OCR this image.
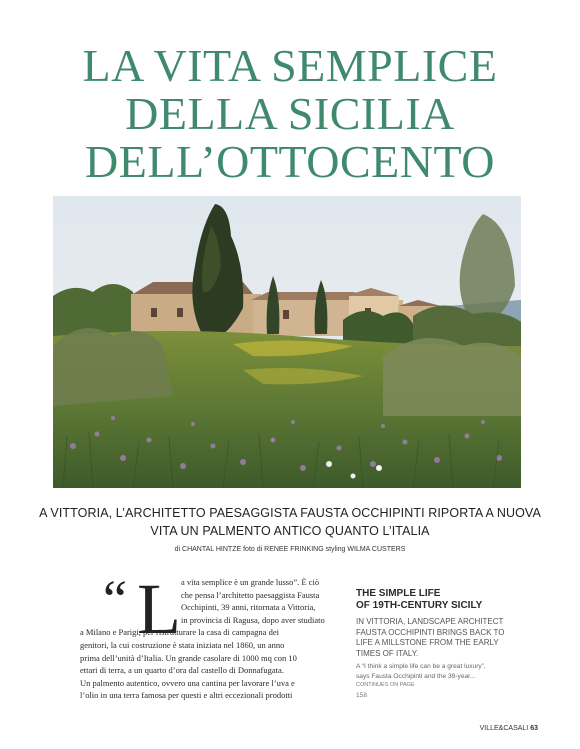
LA VITA SEMPLICE
DELLA SICILIA
DELL’OTTOCENTO
A VITTORIA, L’ARCHITETTO PAESAGGISTA FAUSTA OCCHIPINTI RIPORTA A NUOVA
VITA UN PALMENTO ANTICO QUANTO L’ITALIA
di CHANTAL HINTZE foto di RENEE FRINKING styling WILMA CUSTERS
“ L a vita semplice è un grande lusso”. È ciò
che pensa l’architetto paesaggista Fausta
Occhipinti, 39 anni, ritornata a Vittoria,
in provincia di Ragusa, dopo aver studiato
a Milano e Parigi, per ristrutturare la casa di campagna dei
genitori, la cui costruzione è stata iniziata nel 1860, un anno
prima dell’unità d’Italia. Un grande casolare di 1000 mq con 10
ettari di terra, a un quarto d’ora dal castello di Donnafugata.
Un palmento autentico, ovvero una cantina per lavorare l’uva e
l’olio in una terra famosa per questi e altri eccezionali prodotti
THE SIMPLE LIFE
OF 19TH-CENTURY SICILY
IN VITTORIA, LANDSCAPE ARCHITECT
FAUSTA OCCHIPINTI BRINGS BACK TO
LIFE A MILLSTONE FROM THE EARLY
TIMES OF ITALY.
A “I think a simple life can be a great luxury”,
says Fausta Occhipinti and the 39-year...
CONTINUES ON PAGE
158
VILLE&CASALI 63
